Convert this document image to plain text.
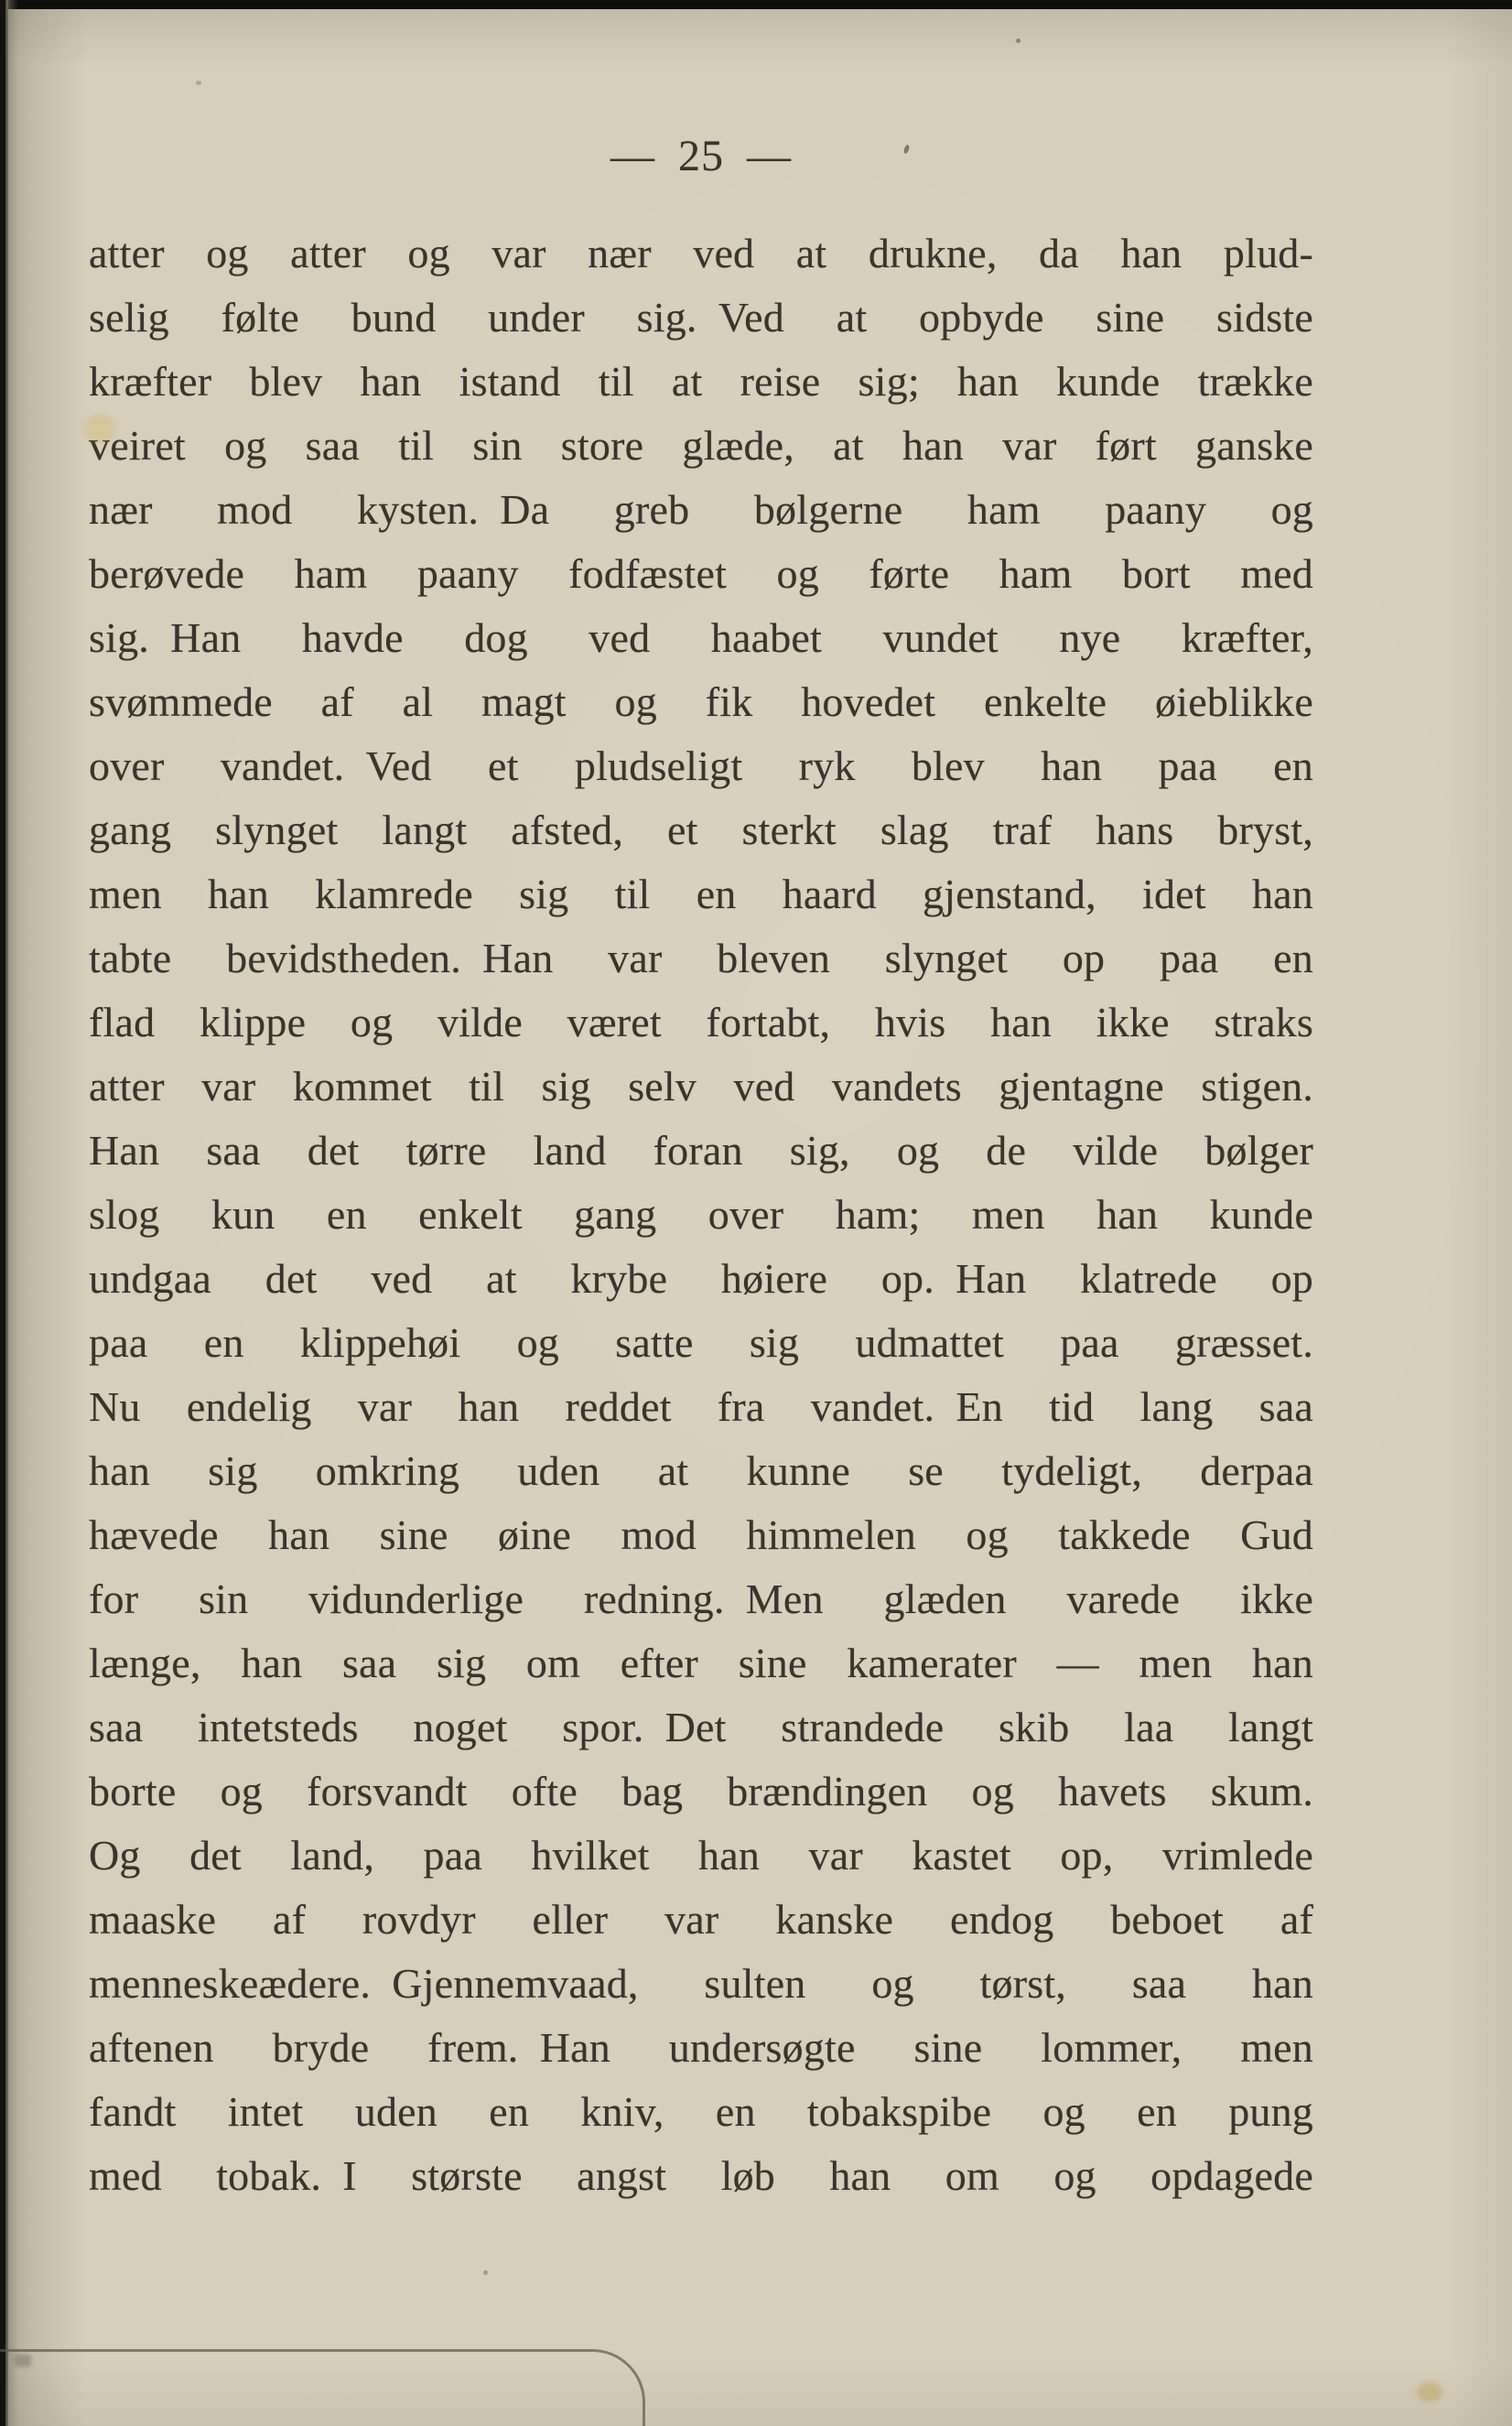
— 25 —
atter og atter og var nær ved at drukne, da han plud-
selig følte bund under sig. Ved at opbyde sine sidste
kræfter blev han istand til at reise sig; han kunde trække
veiret og saa til sin store glæde, at han var ført ganske
nær mod kysten. Da greb bølgerne ham paany og
berøvede ham paany fodfæstet og førte ham bort med
sig. Han havde dog ved haabet vundet nye kræfter,
svømmede af al magt og fik hovedet enkelte øieblikke
over vandet. Ved et pludseligt ryk blev han paa en
gang slynget langt afsted, et sterkt slag traf hans bryst,
men han klamrede sig til en haard gjenstand, idet han
tabte bevidstheden. Han var bleven slynget op paa en
flad klippe og vilde været fortabt, hvis han ikke straks
atter var kommet til sig selv ved vandets gjentagne stigen.
Han saa det tørre land foran sig, og de vilde bølger
slog kun en enkelt gang over ham; men han kunde
undgaa det ved at krybe høiere op. Han klatrede op
paa en klippehøi og satte sig udmattet paa græsset.
Nu endelig var han reddet fra vandet. En tid lang saa
han sig omkring uden at kunne se tydeligt, derpaa
hævede han sine øine mod himmelen og takkede Gud
for sin vidunderlige redning. Men glæden varede ikke
længe, han saa sig om efter sine kamerater — men han
saa intetsteds noget spor. Det strandede skib laa langt
borte og forsvandt ofte bag brændingen og havets skum.
Og det land, paa hvilket han var kastet op, vrimlede
maaske af rovdyr eller var kanske endog beboet af
menneskeædere. Gjennemvaad, sulten og tørst, saa han
aftenen bryde frem. Han undersøgte sine lommer, men
fandt intet uden en kniv, en tobakspibe og en pung
med tobak. I største angst løb han om og opdagede
